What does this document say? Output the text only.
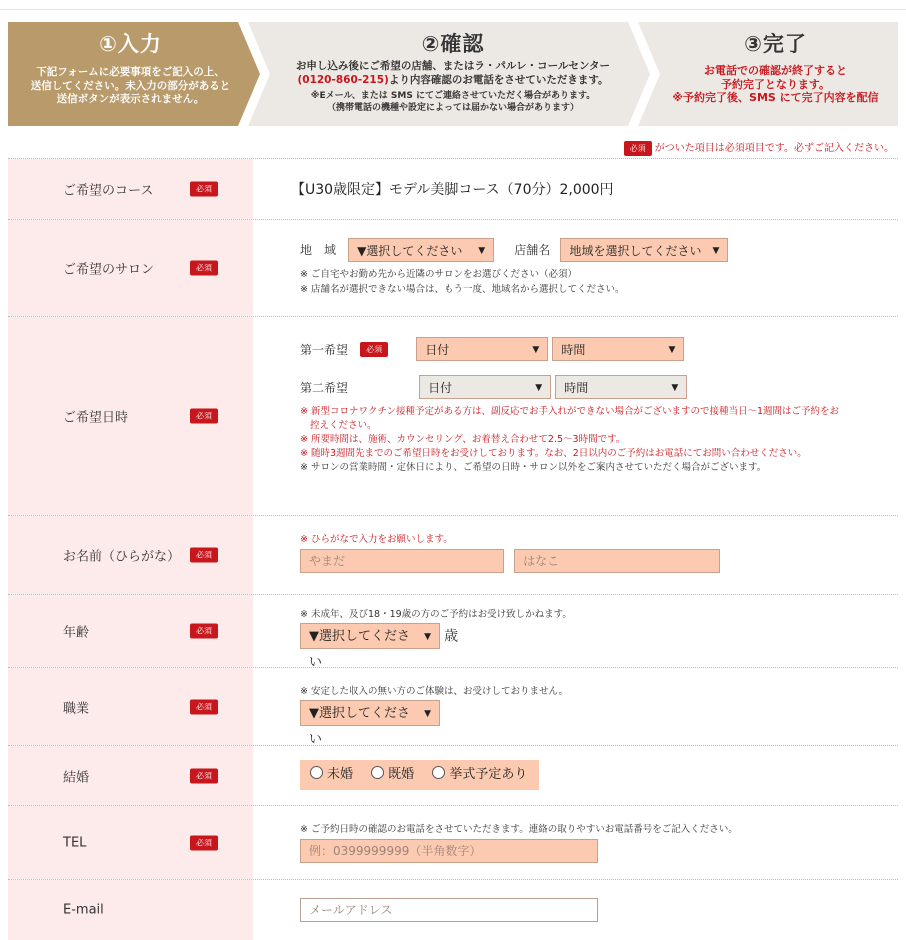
①入力
下記フォームに必要事項をご記入の上、
送信してください。未入力の部分があると
送信ボタンが表示されません。
②確認
お申し込み後にご希望の店舗、またはラ・パルレ・コールセンター
(0120-860-215)より内容確認のお電話をさせていただきます。
※Eメール、または SMS にてご連絡させていただく場合があります。
（携帯電話の機種や設定によっては届かない場合があります）
③完了
お電話での確認が終了すると
予約完了となります。
※予約完了後、SMS にて完了内容を配信
必須 がついた項目は必須項目です。必ずご記入ください。
ご希望のコース	必須	【U30歳限定】モデル美脚コース（70分）2,000円
ご希望のサロン	必須
地　域 ▼選択してください ▼ 店舗名 地域を選択してください ▼
※ ご自宅やお勤め先から近隣のサロンをお選びください（必須）
※ 店舗名が選択できない場合は、もう一度、地域名から選択してください。
ご希望日時	必須
第一希望 必須	日付	▼ 時間	▼
第二希望	日付	▼ 時間	▼
※ 新型コロナワクチン接種予定がある方は、副反応でお手入れができない場合がございますので接種当日〜1週間はご予約をお
控えください。
※ 所要時間は、施術、カウンセリング、お着替え合わせて2.5〜3時間です。
※ 随時3週間先までのご希望日時をお受けしております。なお、2日以内のご予約はお電話にてお問い合わせください。
※ サロンの営業時間・定休日により、ご希望の日時・サロン以外をご案内させていただく場合がございます。
お名前（ひらがな）	必須
※ ひらがなで入力をお願いします。
やまだ	はなこ
年齢	必須
※ 未成年、及び18・19歳の方のご予約はお受け致しかねます。
▼選択してください
▼ 歳
職業	必須
※ 安定した収入の無い方のご体験は、お受けしておりません。
▼選択してください
▼
結婚	必須	未婚	既婚	挙式予定あり
TEL	必須
※ ご予約日時の確認のお電話をさせていただきます。連絡の取りやすいお電話番号をご記入ください。
例：0399999999（半角数字）
E-mail	メールアドレス
